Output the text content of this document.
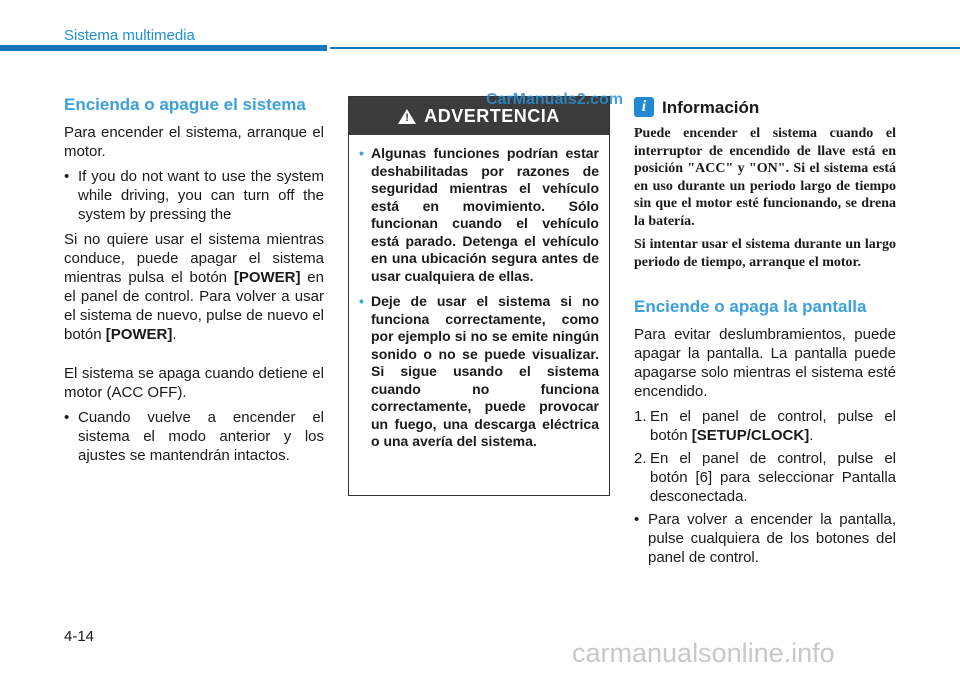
Sistema multimedia
Encienda o apague el sistema
Para encender el sistema, arranque el motor.
• If you do not want to use the system while driving, you can turn off the system by pressing the
Si no quiere usar el sistema mientras conduce, puede apagar el sistema mientras pulsa el botón [POWER] en el panel de control. Para volver a usar el sistema de nuevo, pulse de nuevo el botón [POWER].
El sistema se apaga cuando detiene el motor (ACC OFF).
• Cuando vuelve a encender el sistema el modo anterior y los ajustes se mantendrán intactos.
! ADVERTENCIA
• Algunas funciones podrían estar deshabilitadas por razones de seguridad mientras el vehículo está en movimiento. Sólo funcionan cuando el vehículo está parado. Detenga el vehículo en una ubicación segura antes de usar cualquiera de ellas.
• Deje de usar el sistema si no funciona correctamente, como por ejemplo si no se emite ningún sonido o no se puede visualizar. Si sigue usando el sistema cuando no funciona correctamente, puede provocar un fuego, una descarga eléctrica o una avería del sistema.
CarManuals2.com	i Información
Puede encender el sistema cuando el interruptor de encendido de llave está en posición "ACC" y "ON". Si el sistema está en uso durante un periodo largo de tiempo sin que el motor esté funcionando, se drena la batería.
Si intentar usar el sistema durante un largo periodo de tiempo, arranque el motor.
Enciende o apaga la pantalla
Para evitar deslumbramientos, puede apagar la pantalla. La pantalla puede apagarse solo mientras el sistema esté encendido.
1. En el panel de control, pulse el botón [SETUP/CLOCK].
2. En el panel de control, pulse el botón [6] para seleccionar Pantalla desconectada.
• Para volver a encender la pantalla, pulse cualquiera de los botones del panel de control.
4-14
carmanualsonline.info
